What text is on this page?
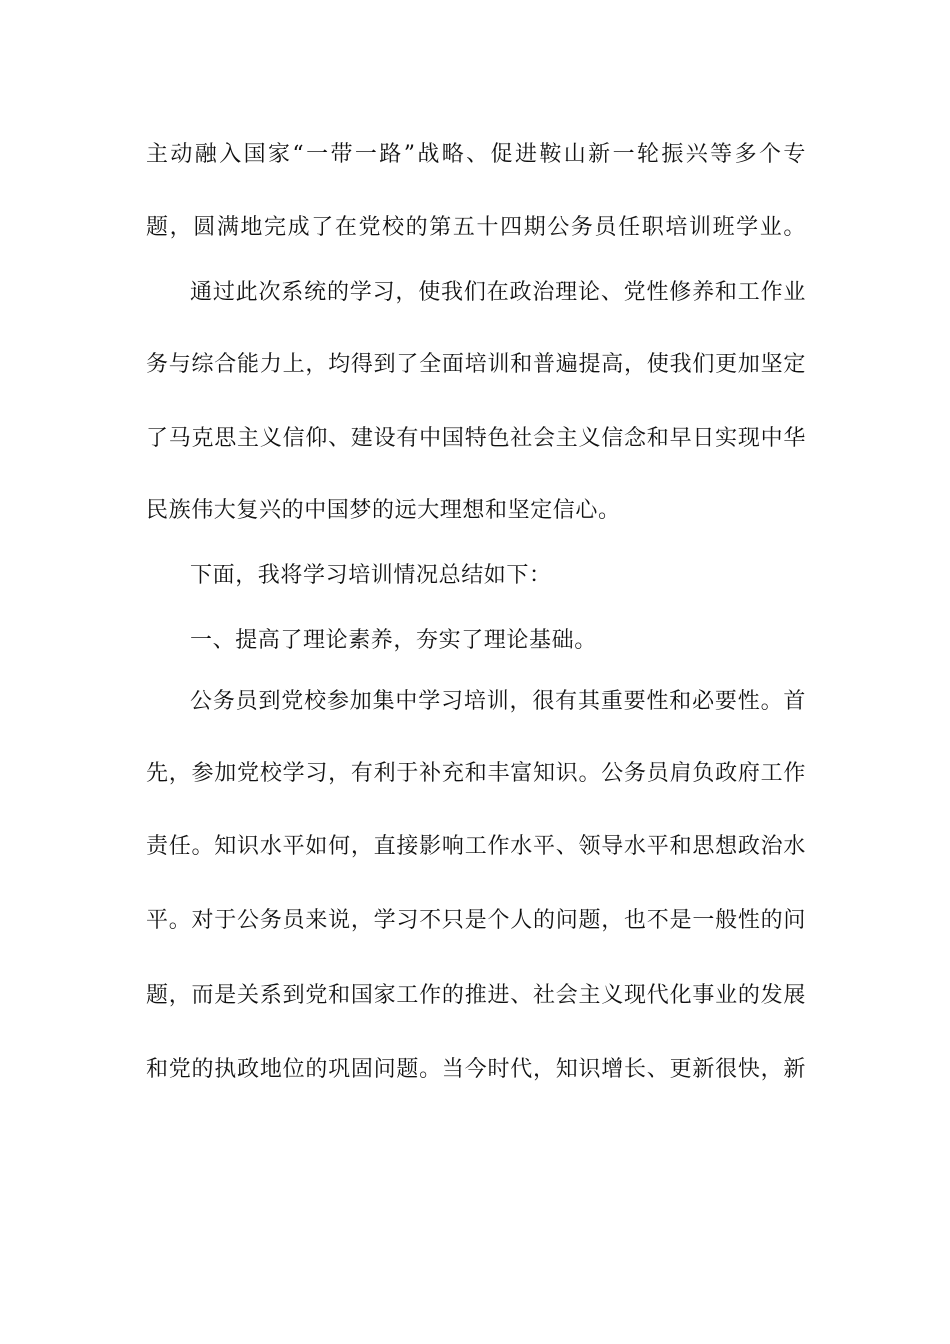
主动融入国家“一带一路”战略、促进鞍山新一轮振兴等多个专

题，圆满地完成了在党校的第五十四期公务员任职培训班学业。

通过此次系统的学习，使我们在政治理论、党性修养和工作业

务与综合能力上，均得到了全面培训和普遍提高，使我们更加坚定

了马克思主义信仰、建设有中国特色社会主义信念和早日实现中华

民族伟大复兴的中国梦的远大理想和坚定信心。

下面，我将学习培训情况总结如下：

一、提高了理论素养，夯实了理论基础。

公务员到党校参加集中学习培训，很有其重要性和必要性。首

先，参加党校学习，有利于补充和丰富知识。公务员肩负政府工作

责任。知识水平如何，直接影响工作水平、领导水平和思想政治水

平。对于公务员来说，学习不只是个人的问题，也不是一般性的问

题，而是关系到党和国家工作的推进、社会主义现代化事业的发展

和党的执政地位的巩固问题。当今时代，知识增长、更新很快，新
